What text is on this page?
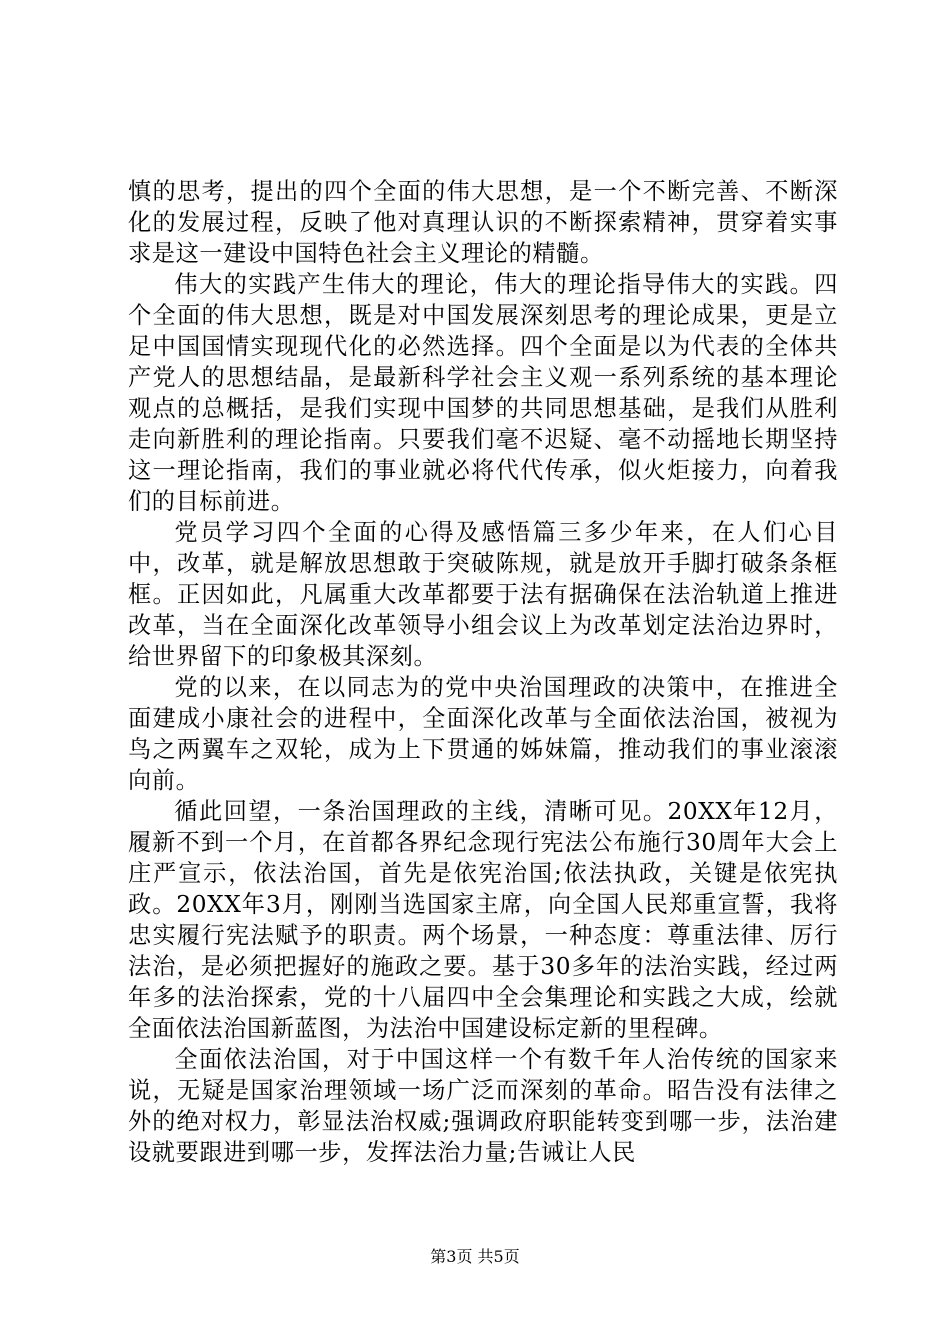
慎的思考，提出的四个全面的伟大思想，是一个不断完善、不断深化的发展过程，反映了他对真理认识的不断探索精神，贯穿着实事求是这一建设中国特色社会主义理论的精髓。

伟大的实践产生伟大的理论，伟大的理论指导伟大的实践。四个全面的伟大思想，既是对中国发展深刻思考的理论成果，更是立足中国国情实现现代化的必然选择。四个全面是以为代表的全体共产党人的思想结晶，是最新科学社会主义观一系列系统的基本理论观点的总概括，是我们实现中国梦的共同思想基础，是我们从胜利走向新胜利的理论指南。只要我们毫不迟疑、毫不动摇地长期坚持这一理论指南，我们的事业就必将代代传承，似火炬接力，向着我们的目标前进。

党员学习四个全面的心得及感悟篇三多少年来，在人们心目中，改革，就是解放思想敢于突破陈规，就是放开手脚打破条条框框。正因如此，凡属重大改革都要于法有据确保在法治轨道上推进改革，当在全面深化改革领导小组会议上为改革划定法治边界时，给世界留下的印象极其深刻。

党的以来，在以同志为的党中央治国理政的决策中，在推进全面建成小康社会的进程中，全面深化改革与全面依法治国，被视为鸟之两翼车之双轮，成为上下贯通的姊妹篇，推动我们的事业滚滚向前。

循此回望，一条治国理政的主线，清晰可见。20XX年12月，履新不到一个月，在首都各界纪念现行宪法公布施行30周年大会上庄严宣示，依法治国，首先是依宪治国;依法执政，关键是依宪执政。20XX年3月，刚刚当选国家主席，向全国人民郑重宣誓，我将忠实履行宪法赋予的职责。两个场景，一种态度：尊重法律、厉行法治，是必须把握好的施政之要。基于30多年的法治实践，经过两年多的法治探索，党的十八届四中全会集理论和实践之大成，绘就全面依法治国新蓝图，为法治中国建设标定新的里程碑。

全面依法治国，对于中国这样一个有数千年人治传统的国家来说，无疑是国家治理领域一场广泛而深刻的革命。昭告没有法律之外的绝对权力，彰显法治权威;强调政府职能转变到哪一步，法治建设就要跟进到哪一步，发挥法治力量;告诫让人民

第3页 共5页
